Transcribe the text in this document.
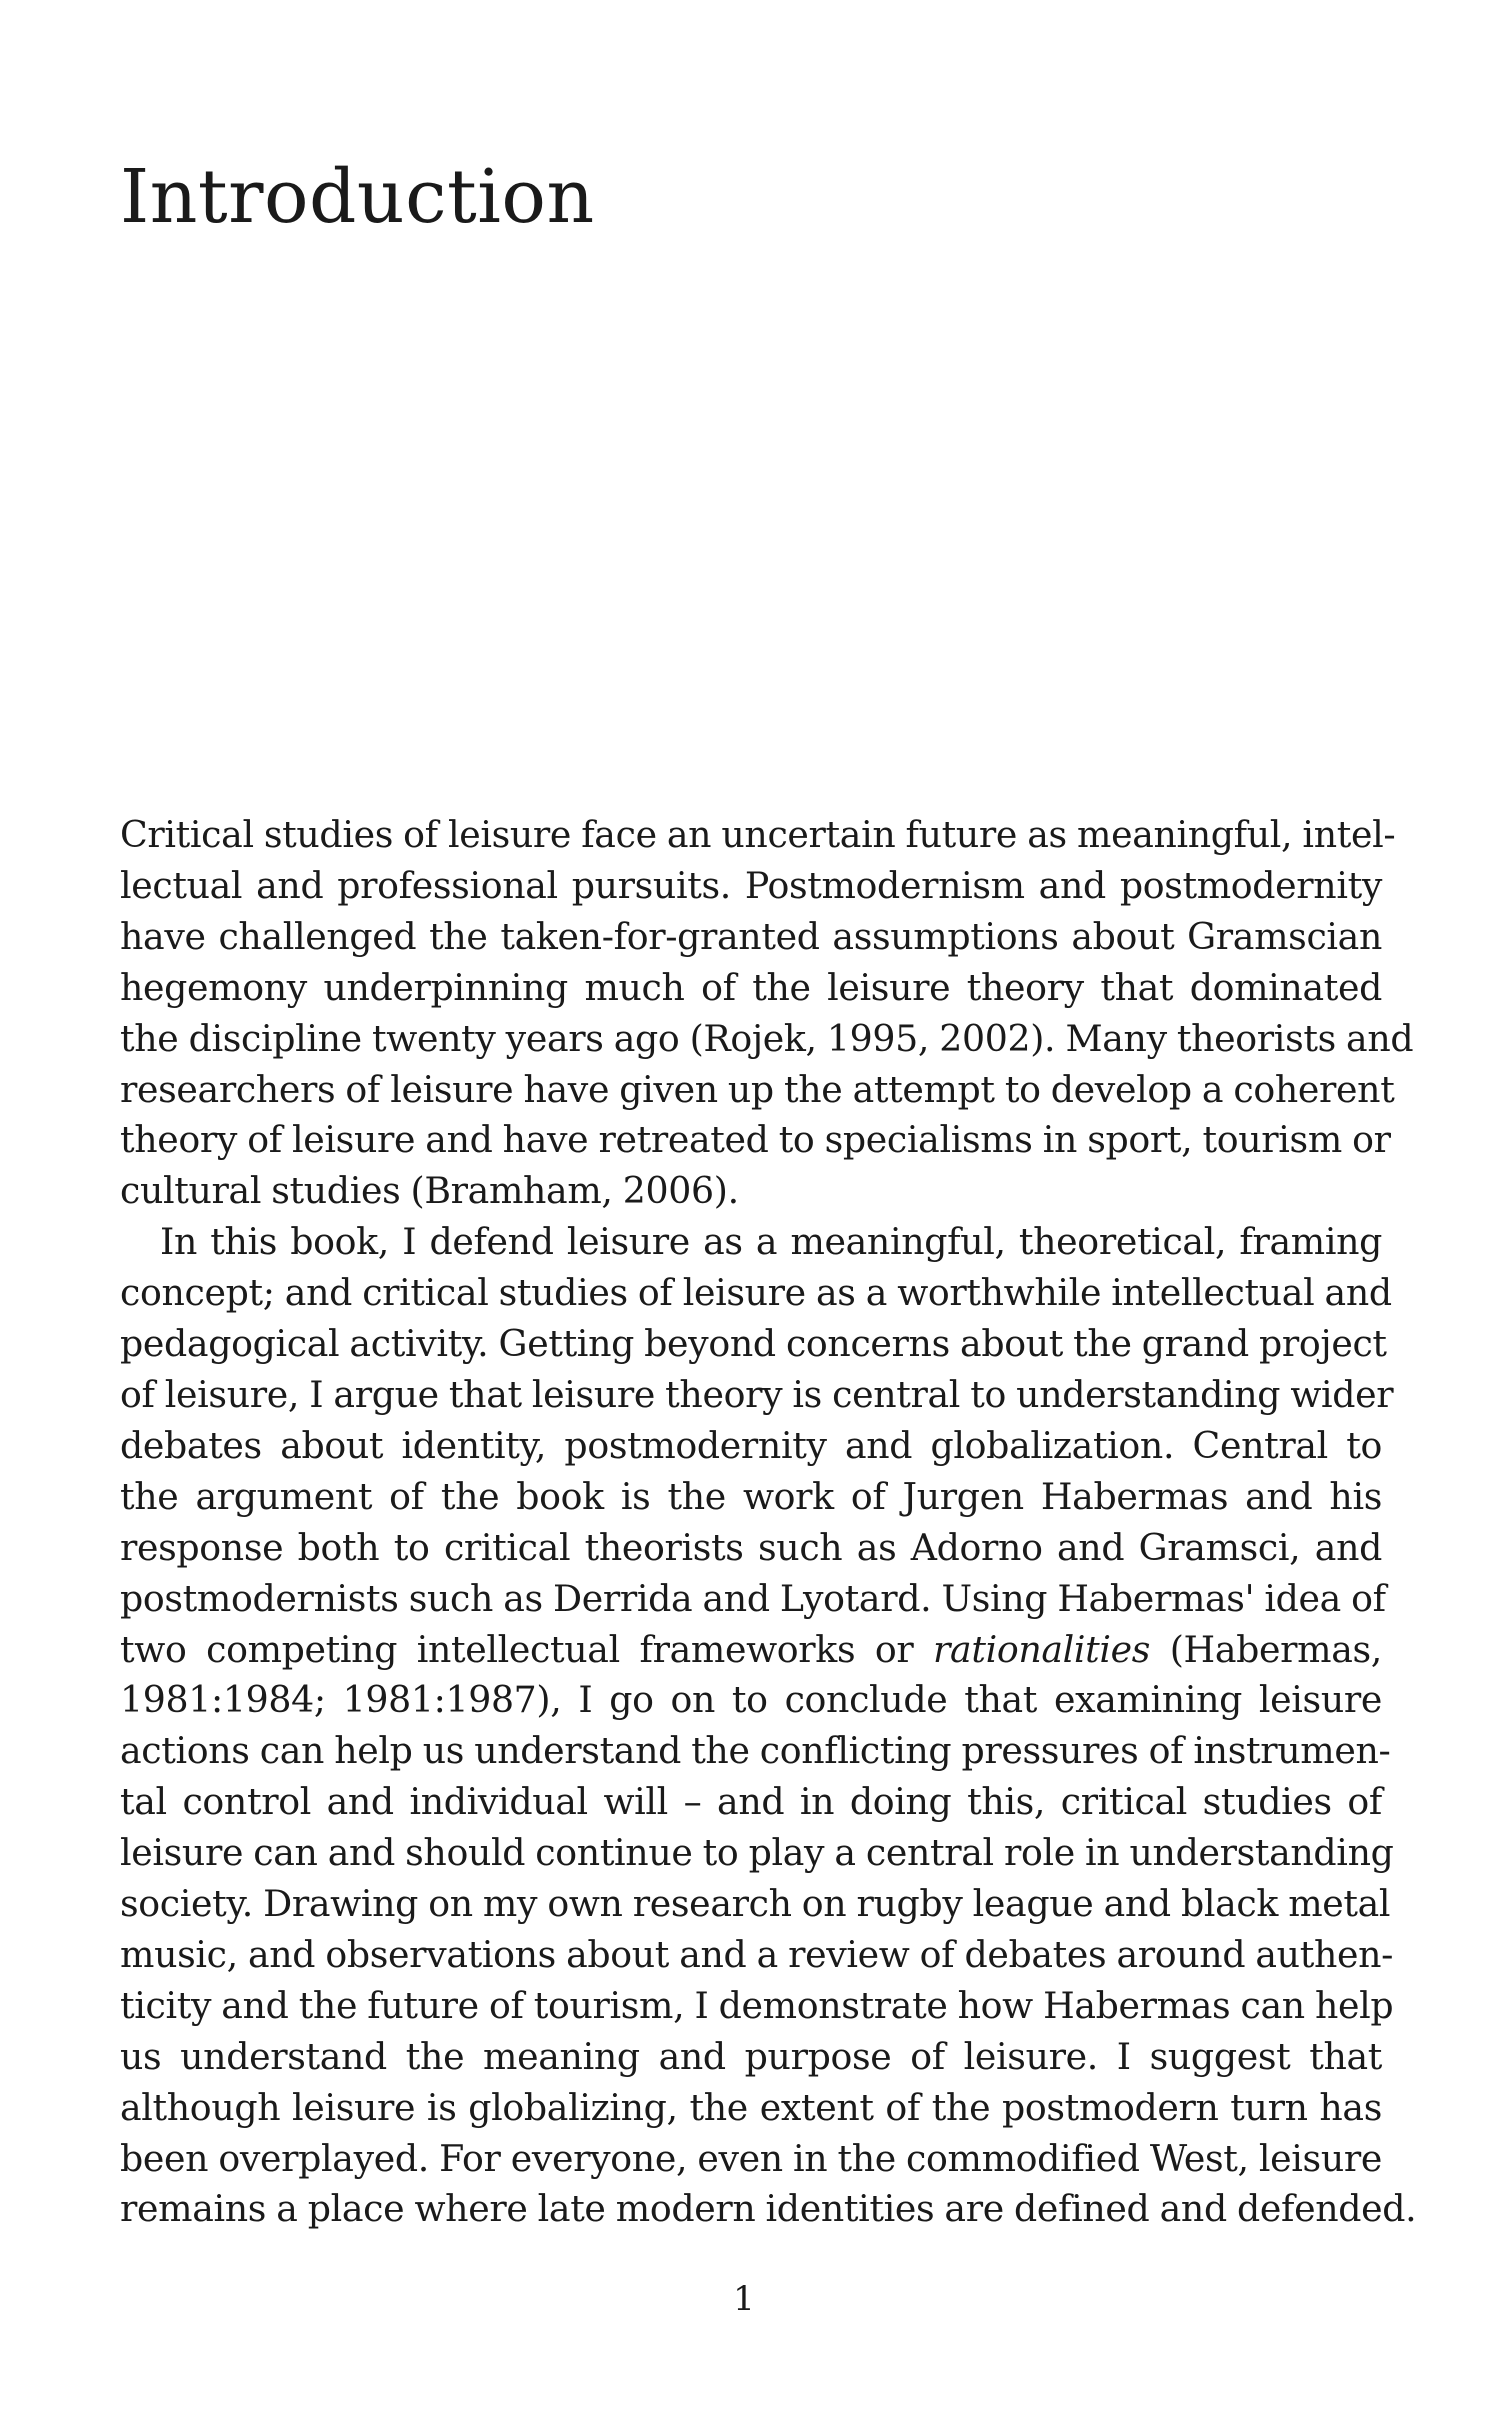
Introduction
Critical studies of leisure face an uncertain future as meaningful, intel-
lectual and professional pursuits. Postmodernism and postmodernity
have challenged the taken-for-granted assumptions about Gramscian
hegemony underpinning much of the leisure theory that dominated
the discipline twenty years ago (Rojek, 1995, 2002). Many theorists and
researchers of leisure have given up the attempt to develop a coherent
theory of leisure and have retreated to specialisms in sport, tourism or
cultural studies (Bramham, 2006).
In this book, I defend leisure as a meaningful, theoretical, framing
concept; and critical studies of leisure as a worthwhile intellectual and
pedagogical activity. Getting beyond concerns about the grand project
of leisure, I argue that leisure theory is central to understanding wider
debates about identity, postmodernity and globalization. Central to
the argument of the book is the work of Jurgen Habermas and his
response both to critical theorists such as Adorno and Gramsci, and
postmodernists such as Derrida and Lyotard. Using Habermas' idea of
two competing intellectual frameworks or rationalities (Habermas,
1981:1984; 1981:1987), I go on to conclude that examining leisure
actions can help us understand the conflicting pressures of instrumen-
tal control and individual will – and in doing this, critical studies of
leisure can and should continue to play a central role in understanding
society. Drawing on my own research on rugby league and black metal
music, and observations about and a review of debates around authen-
ticity and the future of tourism, I demonstrate how Habermas can help
us understand the meaning and purpose of leisure. I suggest that
although leisure is globalizing, the extent of the postmodern turn has
been overplayed. For everyone, even in the commodified West, leisure
remains a place where late modern identities are defined and defended.
1
